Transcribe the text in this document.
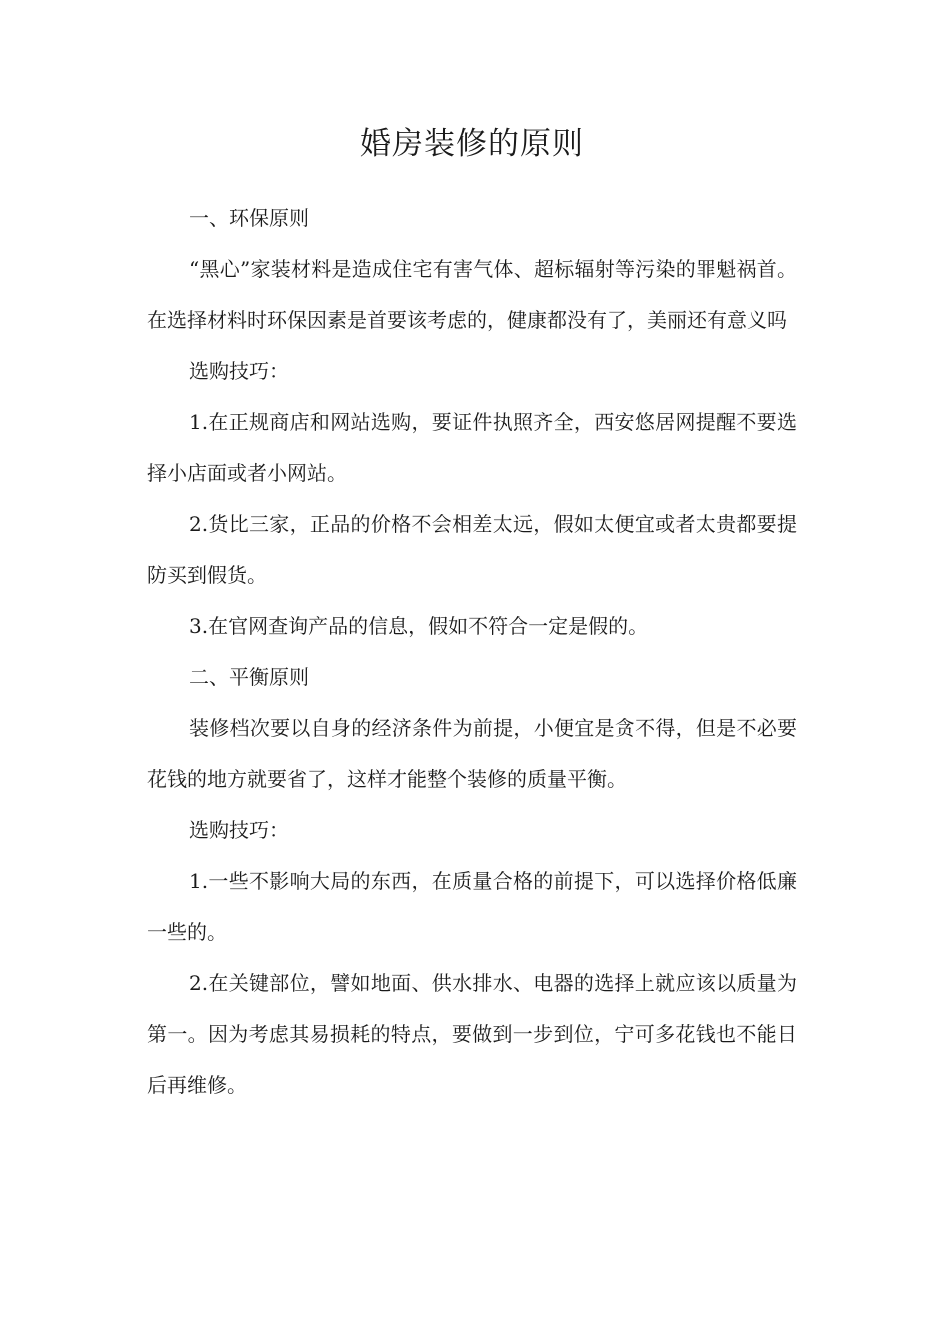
婚房装修的原则

一、环保原则

“黑心”家装材料是造成住宅有害气体、超标辐射等污染的罪魁祸首。在选择材料时环保因素是首要该考虑的，健康都没有了，美丽还有意义吗

选购技巧：

1.在正规商店和网站选购，要证件执照齐全，西安悠居网提醒不要选择小店面或者小网站。

2.货比三家，正品的价格不会相差太远，假如太便宜或者太贵都要提防买到假货。

3.在官网查询产品的信息，假如不符合一定是假的。

二、平衡原则

装修档次要以自身的经济条件为前提，小便宜是贪不得，但是不必要花钱的地方就要省了，这样才能整个装修的质量平衡。

选购技巧：

1.一些不影响大局的东西，在质量合格的前提下，可以选择价格低廉一些的。

2.在关键部位，譬如地面、供水排水、电器的选择上就应该以质量为第一。因为考虑其易损耗的特点，要做到一步到位，宁可多花钱也不能日后再维修。
